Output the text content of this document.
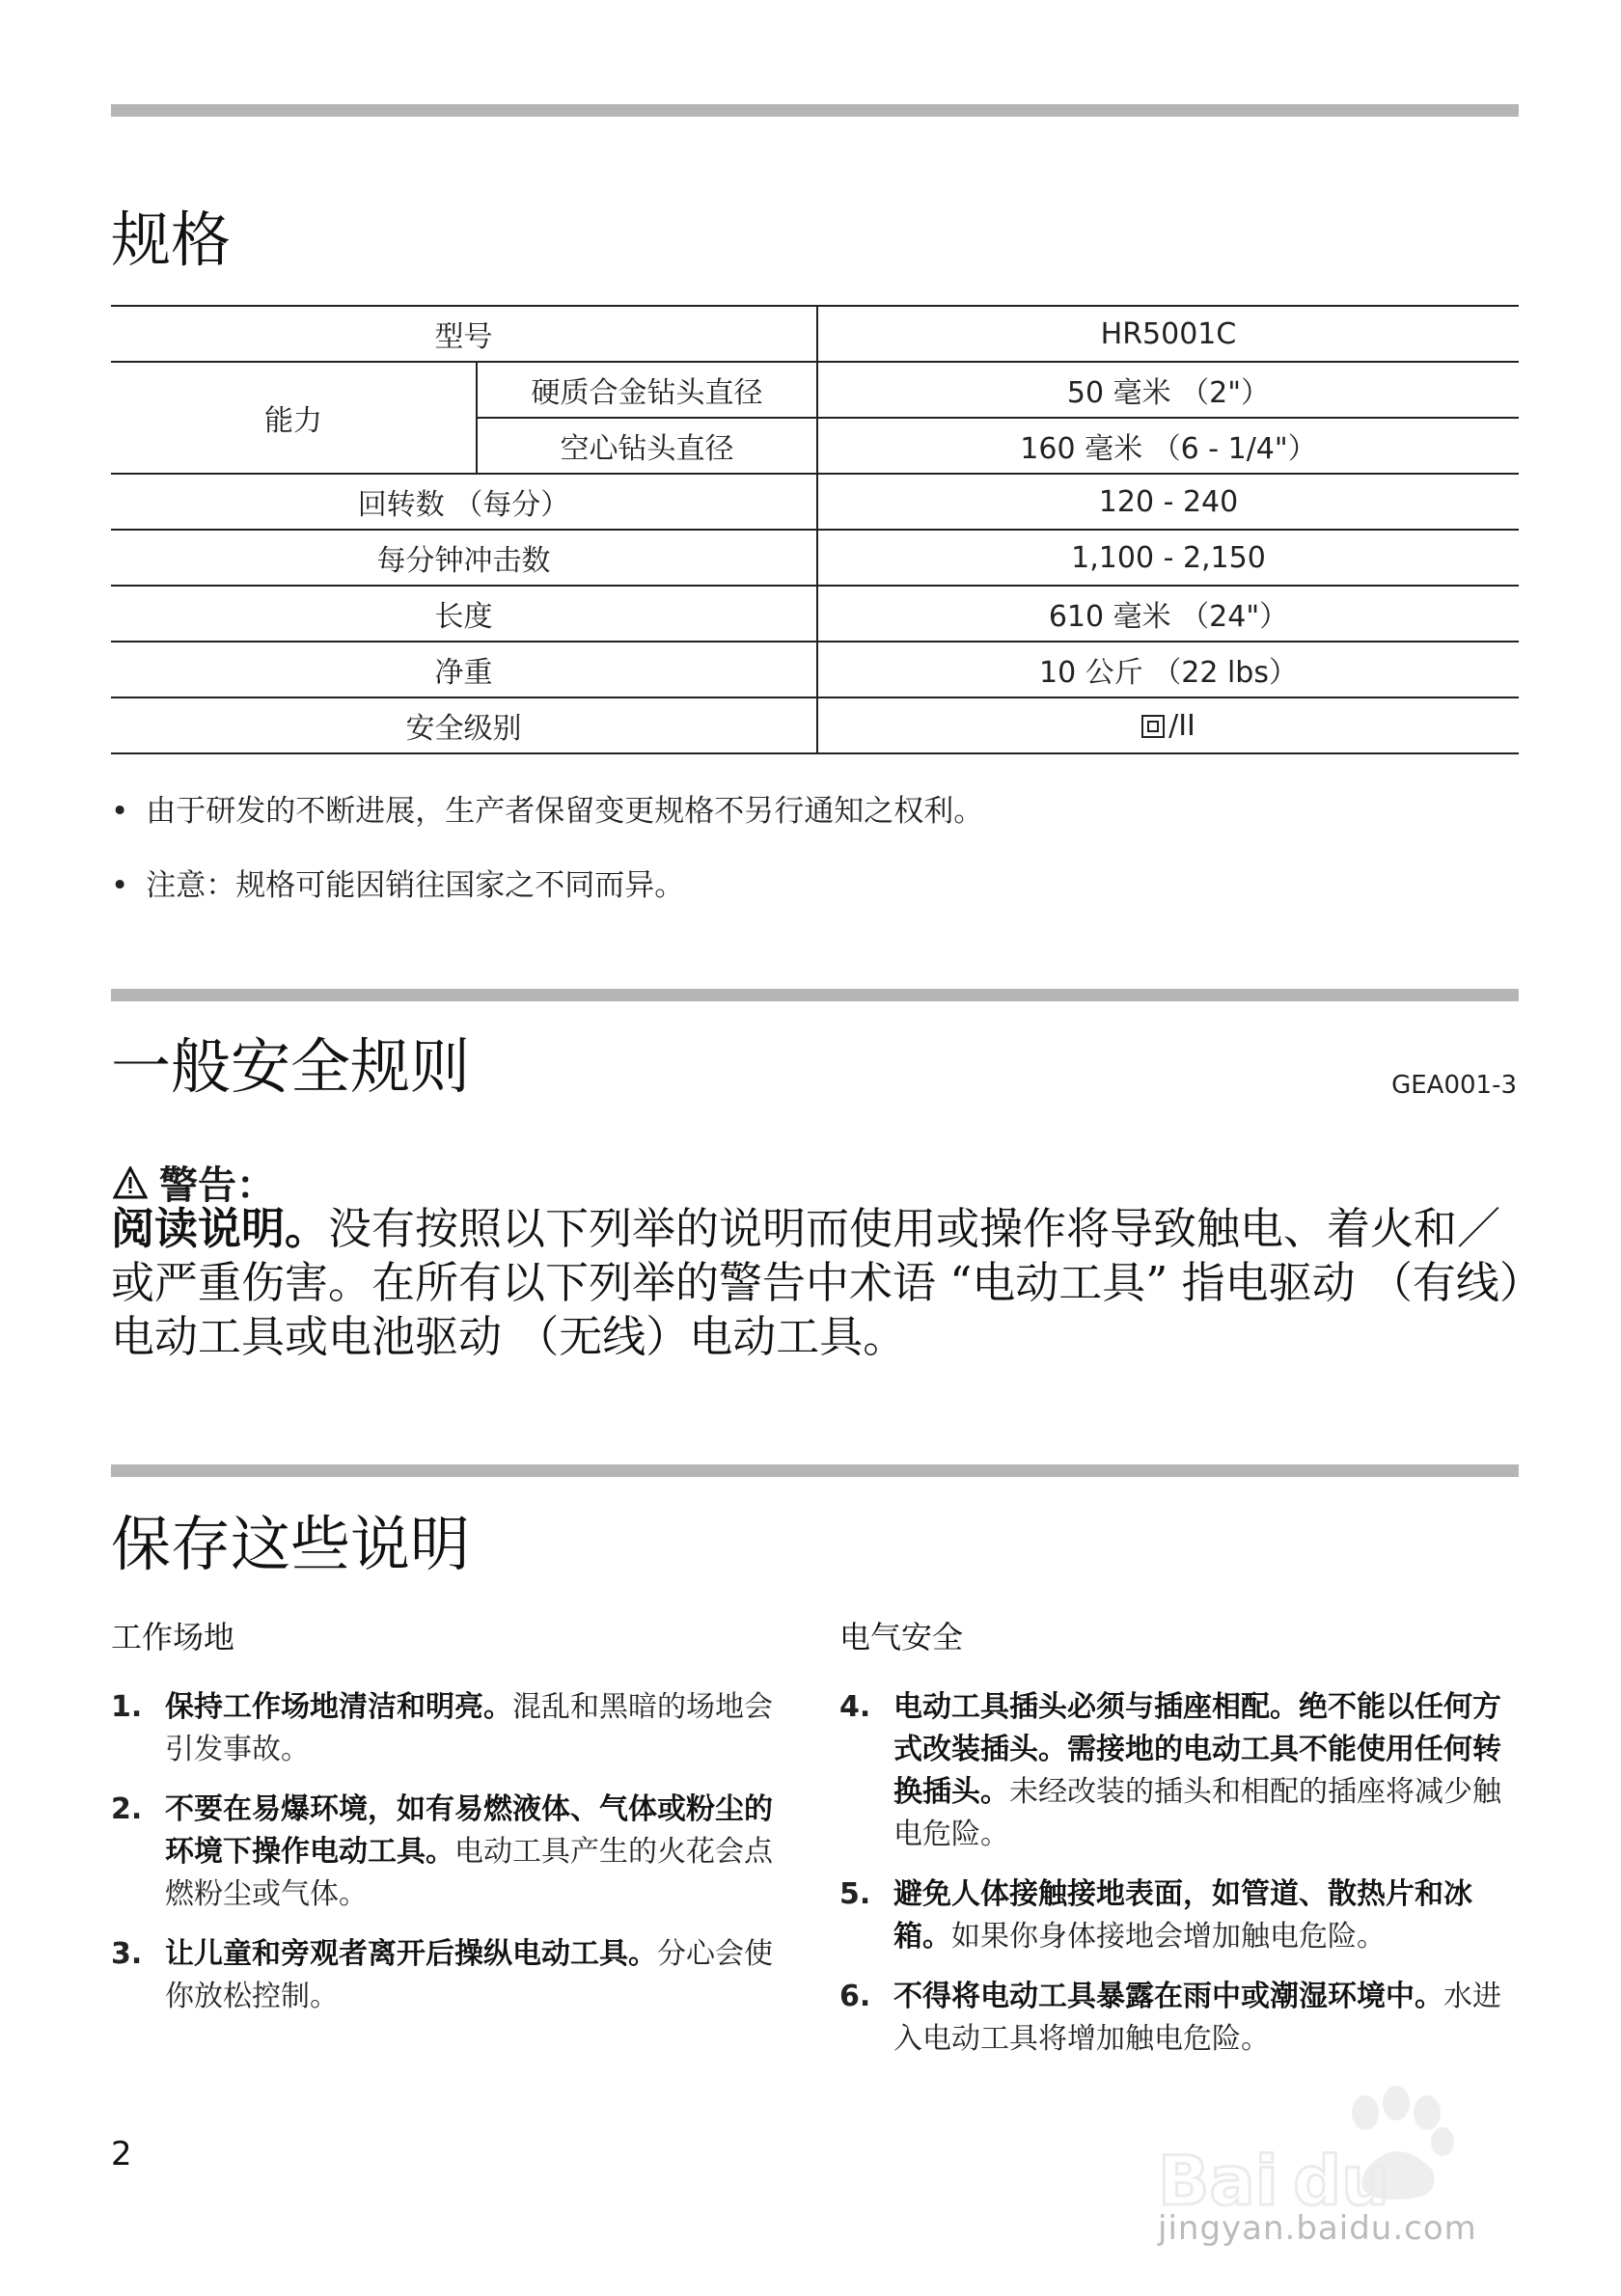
规格
型号		HR5001C
能力	硬质合金钻头直径	50 毫米 （2"）
	空心钻头直径	160 毫米 （6 - 1/4"）
回转数 （每分）		120 - 240
每分钟冲击数		1,100 - 2,150
长度		610 毫米 （24"）
净重		10 公斤 （22 lbs）
安全级别		/II
• 由于研发的不断进展，生产者保留变更规格不另行通知之权利。
• 注意：规格可能因销往国家之不同而异。
一般安全规则	GEA001-3
警告：
阅读说明。没有按照以下列举的说明而使用或操作将导致触电、着火和／或严重伤害。在所有以下列举的警告中术语 “电动工具” 指电驱动 （有线）电动工具或电池驱动 （无线）电动工具。
保存这些说明
工作场地
1. 保持工作场地清洁和明亮。混乱和黑暗的场地会引发事故。
2. 不要在易爆环境，如有易燃液体、气体或粉尘的环境下操作电动工具。电动工具产生的火花会点燃粉尘或气体。
3. 让儿童和旁观者离开后操纵电动工具。分心会使你放松控制。
电气安全
4. 电动工具插头必须与插座相配。绝不能以任何方式改装插头。需接地的电动工具不能使用任何转换插头。未经改装的插头和相配的插座将减少触电危险。
5. 避免人体接触接地表面，如管道、散热片和冰箱。如果你身体接地会增加触电危险。
6. 不得将电动工具暴露在雨中或潮湿环境中。水进入电动工具将增加触电危险。
2	Bai du
jingyan.baidu.com
